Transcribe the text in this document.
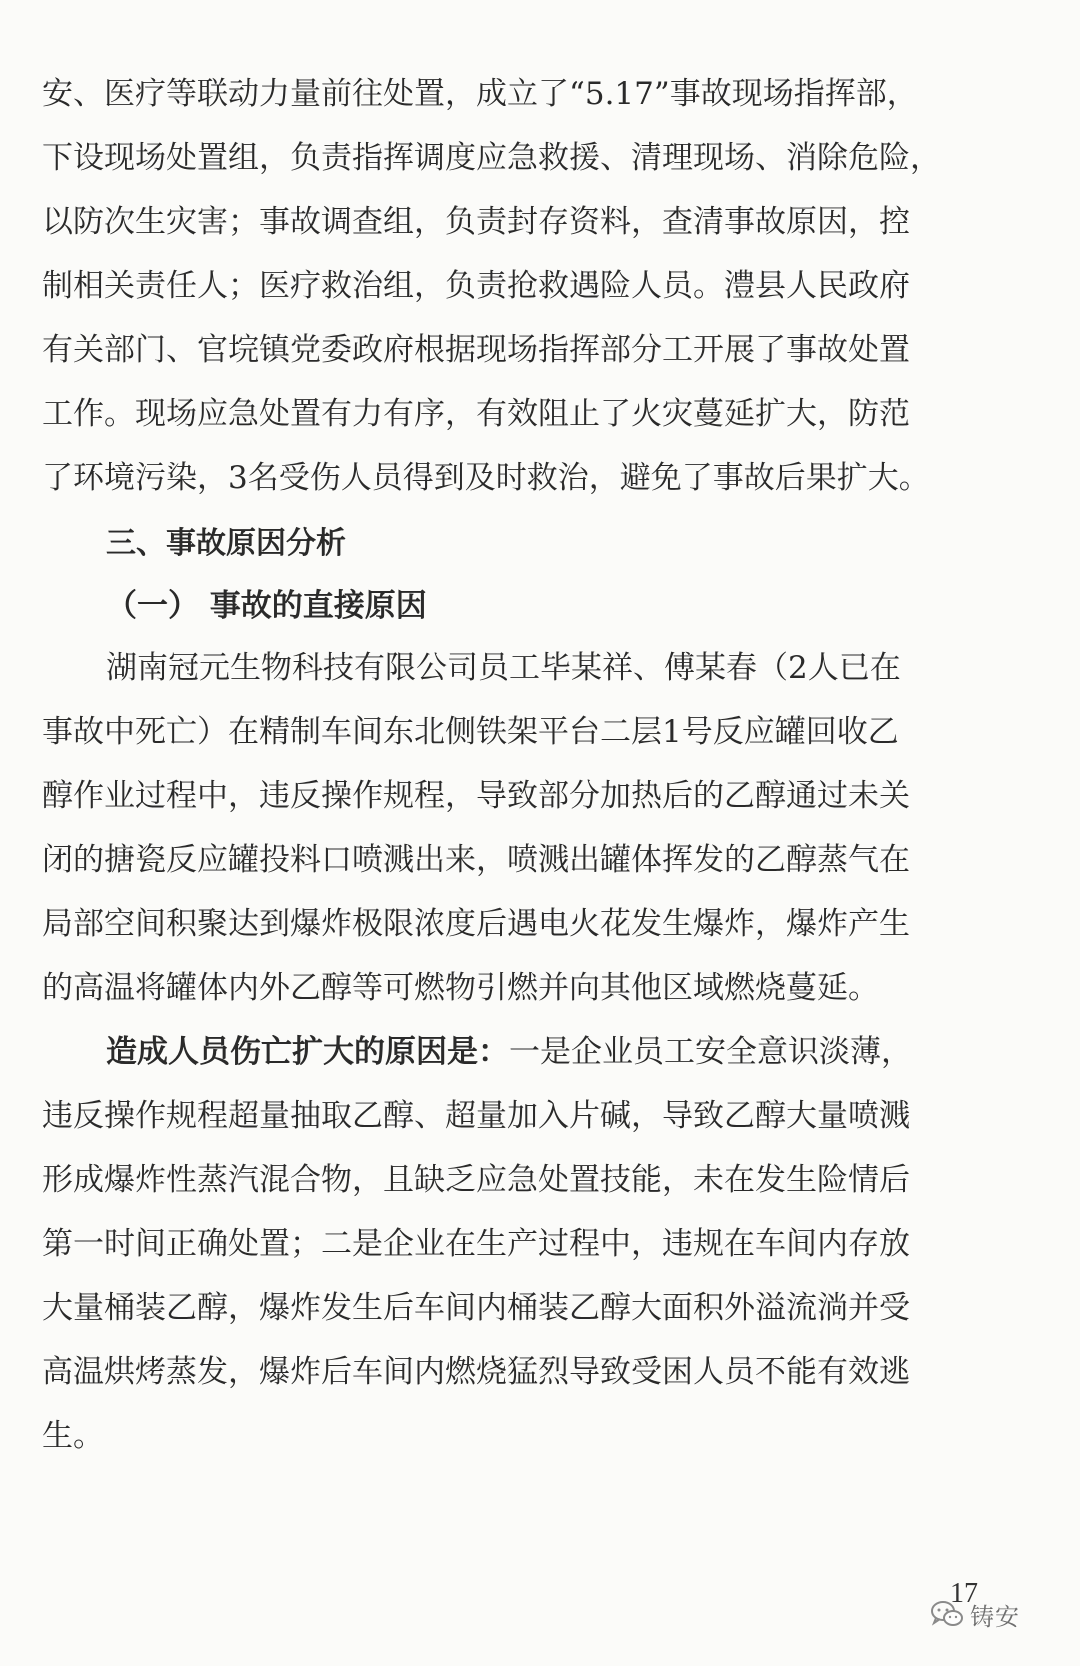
安、医疗等联动力量前往处置，成立了“5.17”事故现场指挥部，
下设现场处置组，负责指挥调度应急救援、清理现场、消除危险，
以防次生灾害；事故调查组，负责封存资料，查清事故原因，控
制相关责任人；医疗救治组，负责抢救遇险人员。澧县人民政府
有关部门、官垸镇党委政府根据现场指挥部分工开展了事故处置
工作。现场应急处置有力有序，有效阻止了火灾蔓延扩大，防范
了环境污染，3名受伤人员得到及时救治，避免了事故后果扩大。
三、事故原因分析
（一） 事故的直接原因
湖南冠元生物科技有限公司员工毕某祥、傅某春（2人已在
事故中死亡）在精制车间东北侧铁架平台二层1号反应罐回收乙
醇作业过程中，违反操作规程，导致部分加热后的乙醇通过未关
闭的搪瓷反应罐投料口喷溅出来，喷溅出罐体挥发的乙醇蒸气在
局部空间积聚达到爆炸极限浓度后遇电火花发生爆炸，爆炸产生
的高温将罐体内外乙醇等可燃物引燃并向其他区域燃烧蔓延。
造成人员伤亡扩大的原因是：一是企业员工安全意识淡薄，
违反操作规程超量抽取乙醇、超量加入片碱，导致乙醇大量喷溅
形成爆炸性蒸汽混合物，且缺乏应急处置技能，未在发生险情后
第一时间正确处置；二是企业在生产过程中，违规在车间内存放
大量桶装乙醇，爆炸发生后车间内桶装乙醇大面积外溢流淌并受
高温烘烤蒸发，爆炸后车间内燃烧猛烈导致受困人员不能有效逃
生。
17
铸安
